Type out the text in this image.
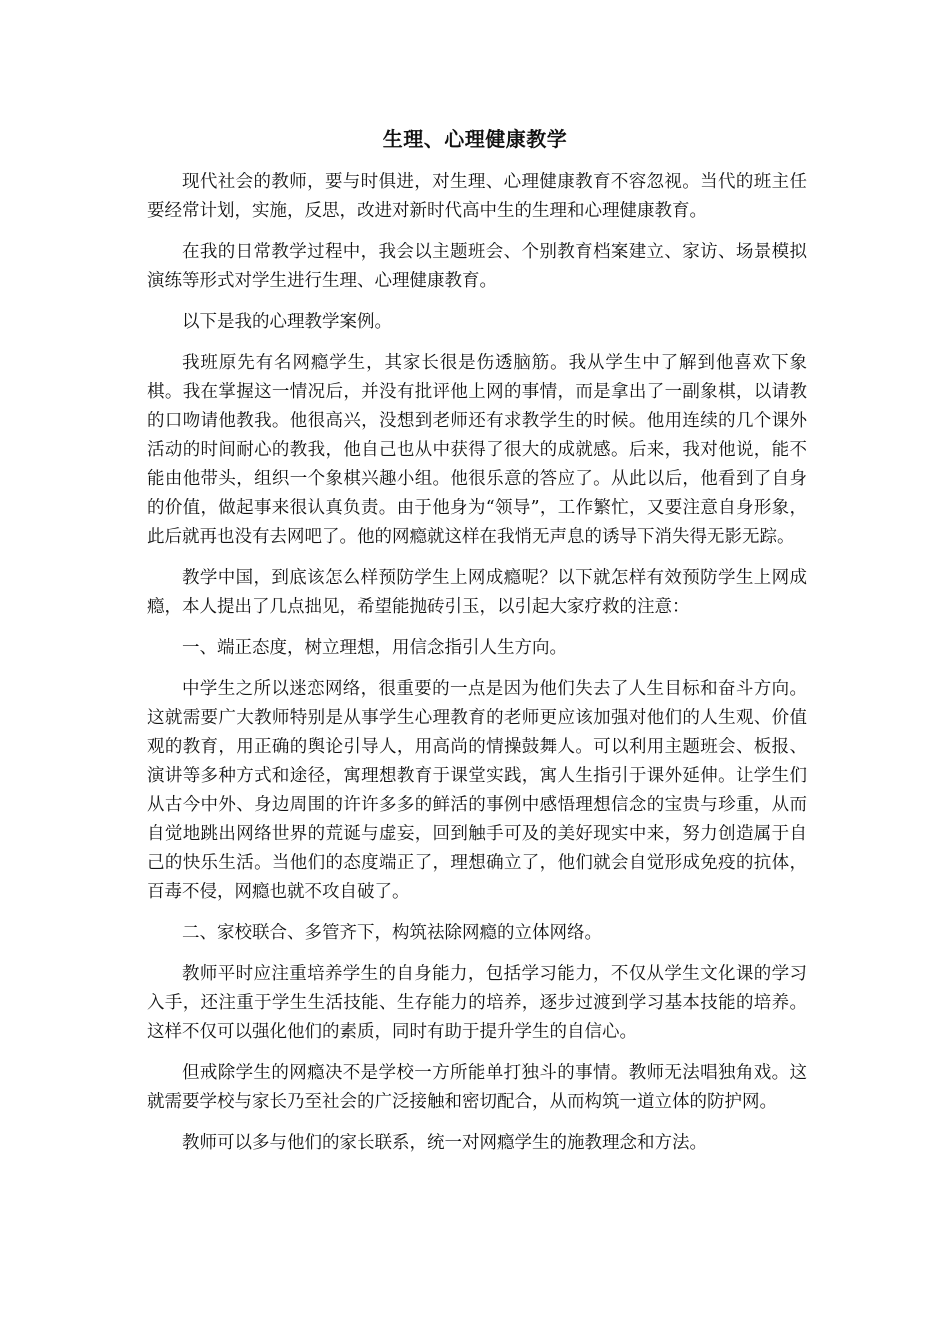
生理、心理健康教学

现代社会的教师，要与时俱进，对生理、心理健康教育不容忽视。当代的班主任要经常计划，实施，反思，改进对新时代高中生的生理和心理健康教育。

在我的日常教学过程中，我会以主题班会、个别教育档案建立、家访、场景模拟演练等形式对学生进行生理、心理健康教育。

以下是我的心理教学案例。

我班原先有名网瘾学生，其家长很是伤透脑筋。我从学生中了解到他喜欢下象棋。我在掌握这一情况后，并没有批评他上网的事情，而是拿出了一副象棋，以请教的口吻请他教我。他很高兴，没想到老师还有求教学生的时候。他用连续的几个课外活动的时间耐心的教我，他自己也从中获得了很大的成就感。后来，我对他说，能不能由他带头，组织一个象棋兴趣小组。他很乐意的答应了。从此以后，他看到了自身的价值，做起事来很认真负责。由于他身为“领导”，工作繁忙，又要注意自身形象，此后就再也没有去网吧了。他的网瘾就这样在我悄无声息的诱导下消失得无影无踪。

教学中国，到底该怎么样预防学生上网成瘾呢？以下就怎样有效预防学生上网成瘾，本人提出了几点拙见，希望能抛砖引玉，以引起大家疗救的注意：

一、端正态度，树立理想，用信念指引人生方向。

中学生之所以迷恋网络，很重要的一点是因为他们失去了人生目标和奋斗方向。这就需要广大教师特别是从事学生心理教育的老师更应该加强对他们的人生观、价值观的教育，用正确的舆论引导人，用高尚的情操鼓舞人。可以利用主题班会、板报、演讲等多种方式和途径，寓理想教育于课堂实践，寓人生指引于课外延伸。让学生们从古今中外、身边周围的许许多多的鲜活的事例中感悟理想信念的宝贵与珍重，从而自觉地跳出网络世界的荒诞与虚妄，回到触手可及的美好现实中来，努力创造属于自己的快乐生活。当他们的态度端正了，理想确立了，他们就会自觉形成免疫的抗体，百毒不侵，网瘾也就不攻自破了。

二、家校联合、多管齐下，构筑祛除网瘾的立体网络。

教师平时应注重培养学生的自身能力，包括学习能力，不仅从学生文化课的学习入手，还注重于学生生活技能、生存能力的培养，逐步过渡到学习基本技能的培养。这样不仅可以强化他们的素质，同时有助于提升学生的自信心。

但戒除学生的网瘾决不是学校一方所能单打独斗的事情。教师无法唱独角戏。这就需要学校与家长乃至社会的广泛接触和密切配合，从而构筑一道立体的防护网。

教师可以多与他们的家长联系，统一对网瘾学生的施教理念和方法。
